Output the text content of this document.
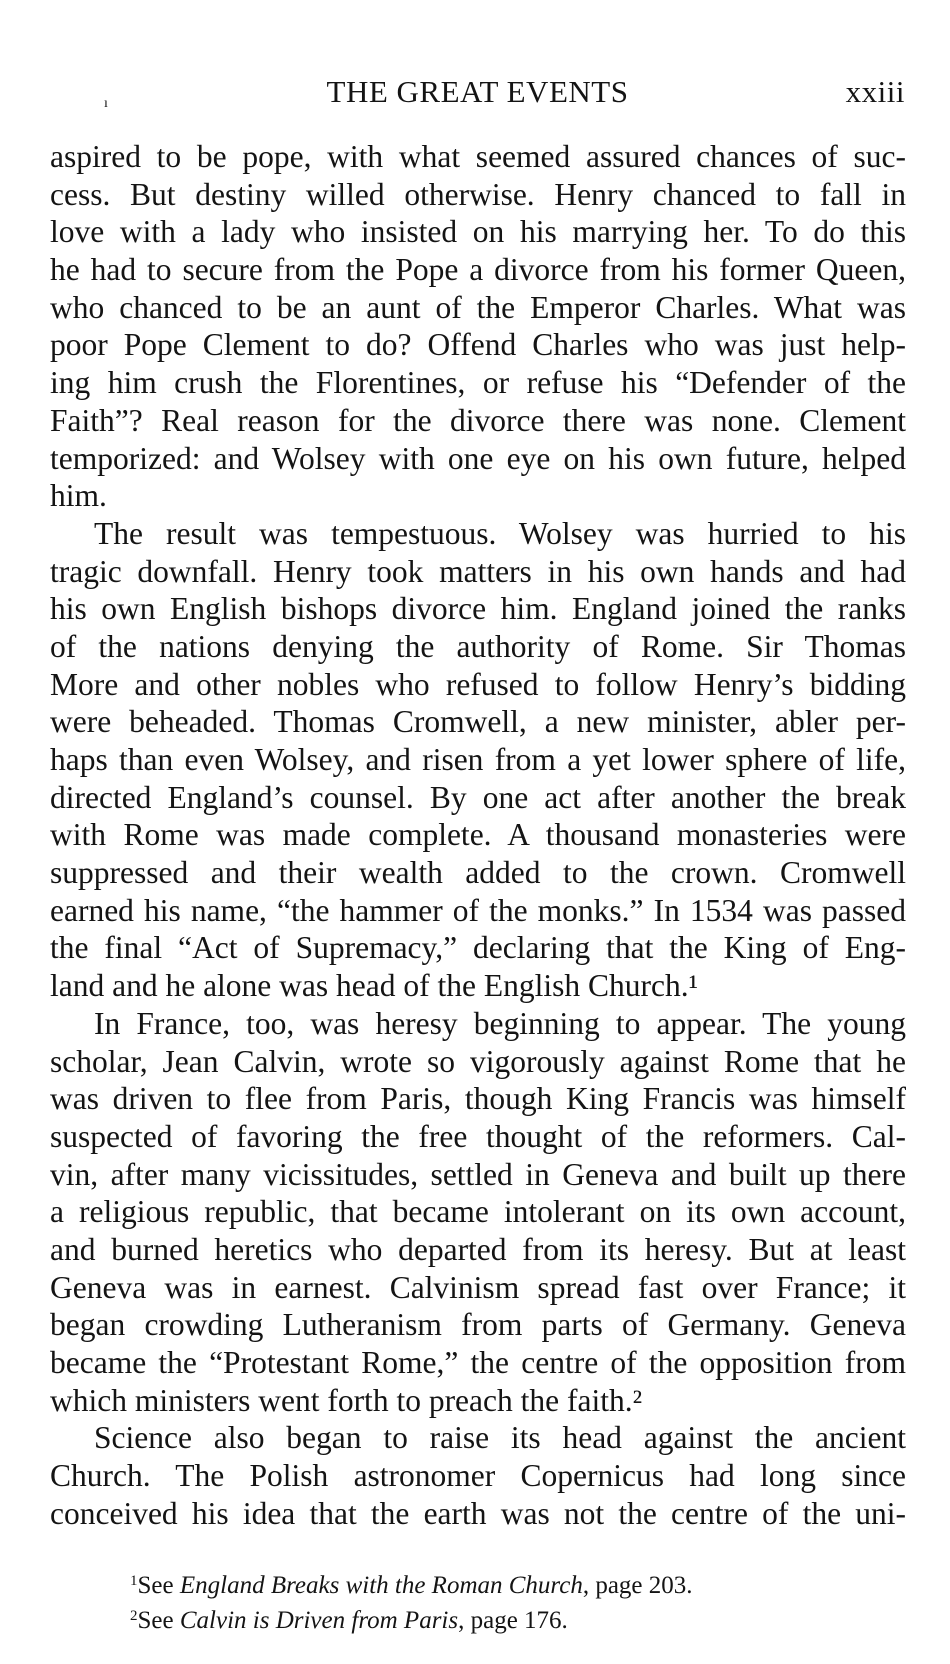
ı	THE GREAT EVENTS	xxiii
aspired to be pope, with what seemed assured chances of suc-
cess. But destiny willed otherwise. Henry chanced to fall in
love with a lady who insisted on his marrying her. To do this
he had to secure from the Pope a divorce from his former Queen,
who chanced to be an aunt of the Emperor Charles. What was
poor Pope Clement to do? Offend Charles who was just help-
ing him crush the Florentines, or refuse his “Defender of the
Faith”? Real reason for the divorce there was none. Clement
temporized: and Wolsey with one eye on his own future, helped
him.
The result was tempestuous. Wolsey was hurried to his
tragic downfall. Henry took matters in his own hands and had
his own English bishops divorce him. England joined the ranks
of the nations denying the authority of Rome. Sir Thomas
More and other nobles who refused to follow Henry’s bidding
were beheaded. Thomas Cromwell, a new minister, abler per-
haps than even Wolsey, and risen from a yet lower sphere of life,
directed England’s counsel. By one act after another the break
with Rome was made complete. A thousand monasteries were
suppressed and their wealth added to the crown. Cromwell
earned his name, “the hammer of the monks.” In 1534 was passed
the final “Act of Supremacy,” declaring that the King of Eng-
land and he alone was head of the English Church.¹
In France, too, was heresy beginning to appear. The young
scholar, Jean Calvin, wrote so vigorously against Rome that he
was driven to flee from Paris, though King Francis was himself
suspected of favoring the free thought of the reformers. Cal-
vin, after many vicissitudes, settled in Geneva and built up there
a religious republic, that became intolerant on its own account,
and burned heretics who departed from its heresy. But at least
Geneva was in earnest. Calvinism spread fast over France; it
began crowding Lutheranism from parts of Germany. Geneva
became the “Protestant Rome,” the centre of the opposition from
which ministers went forth to preach the faith.²
Science also began to raise its head against the ancient
Church. The Polish astronomer Copernicus had long since
conceived his idea that the earth was not the centre of the uni-
$^1$See England Breaks with the Roman Church, page 203.
$^2$See Calvin is Driven from Paris, page 176.
